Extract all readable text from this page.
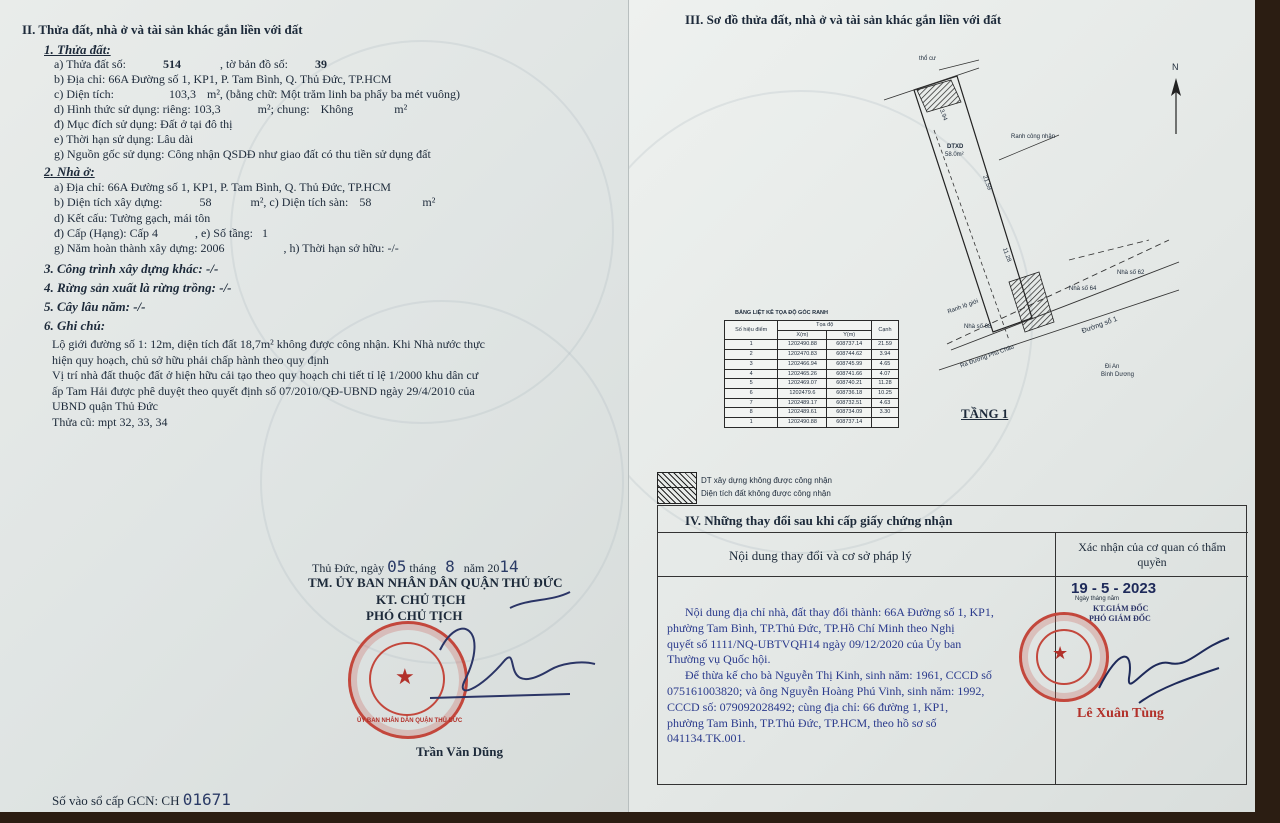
II. Thửa đất, nhà ở và tài sản khác gắn liền với đất
1. Thửa đất:
a) Thửa đất số:	514	, tờ bản đồ số: 39
b) Địa chỉ: 66A Đường số 1, KP1, P. Tam Bình, Q. Thủ Đức, TP.HCM
c) Diện tích:	103,3 m², (bằng chữ: Một trăm linh ba phẩy ba mét vuông)
d) Hình thức sử dụng: riêng: 103,3	m²; chung: Không	m²
đ) Mục đích sử dụng: Đất ở tại đô thị
e) Thời hạn sử dụng: Lâu dài
g) Nguồn gốc sử dụng: Công nhận QSDĐ như giao đất có thu tiền sử dụng đất
2. Nhà ở:
a) Địa chỉ: 66A Đường số 1, KP1, P. Tam Bình, Q. Thủ Đức, TP.HCM
b) Diện tích xây dựng:	58	m², c) Diện tích sàn: 58	m²
d) Kết cấu: Tường gạch, mái tôn
đ) Cấp (Hạng): Cấp 4	, e) Số tầng: 1
g) Năm hoàn thành xây dựng: 2006	, h) Thời hạn sở hữu: -/-
3. Công trình xây dựng khác: -/-
4. Rừng sản xuất là rừng trồng: -/-
5. Cây lâu năm: -/-
6. Ghi chú:
Lộ giới đường số 1: 12m, diện tích đất 18,7m² không được công nhận. Khi Nhà nước thực
hiện quy hoạch, chủ sở hữu phải chấp hành theo quy định
Vị trí nhà đất thuộc đất ở hiện hữu cải tạo theo quy hoạch chi tiết tỉ lệ 1/2000 khu dân cư
ấp Tam Hải được phê duyệt theo quyết định số 07/2010/QĐ-UBND ngày 29/4/2010 của
UBND quận Thủ Đức
Thửa cũ: mpt 32, 33, 34
Thủ Đức, ngày 05 tháng 8 năm 2014
TM. ỦY BAN NHÂN DÂN QUẬN THỦ ĐỨC
KT. CHỦ TỊCH
PHÓ CHỦ TỊCH
★
ỦY BAN NHÂN DÂN QUẬN THỦ ĐỨC
Trần Văn Dũng
Số vào sổ cấp GCN: CH 01671
III. Sơ đồ thửa đất, nhà ở và tài sản khác gắn liền với đất
thổ cư
DTXD
58.0m²
Ranh công nhận
3.94
21.59
11.28
Nhà số 64
Nhà số 62
Nhà số 68
Ranh lộ giới
Đường số 1
Ra Đường Phú Châu	Đi An
Bình Dương
N
TẦNG 1
BẢNG LIỆT KÊ TỌA ĐỘ GÓC RANH
Số hiệu điểm	Tọa độ		Cạnh
	X(m)	Y(m)	
1	1202490.88	608737.14	21.59
2	1202470.83	608744.62	3.94
3	1202466.94	608745.99	4.65
4	1202465.26	608741.66	4.07
5	1202469.07	608740.21	11.28
6	1202479.6	608736.18	10.25
7	1202489.17	608732.51	4.63
8	1202489.61	608734.09	3.30
1	1202490.88	608737.14	
DT xây dựng không được công nhận
Diện tích đất không được công nhận
IV. Những thay đổi sau khi cấp giấy chứng nhận
Nội dung thay đổi và cơ sở pháp lý
Xác nhận của cơ quan có thẩm quyền
Nội dung địa chỉ nhà, đất thay đổi thành: 66A Đường số 1, KP1,
phường Tam Bình, TP.Thủ Đức, TP.Hồ Chí Minh theo Nghị
quyết số 1111/NQ-UBTVQH14 ngày 09/12/2020 của Ủy ban
Thường vụ Quốc hội.
Để thừa kế cho bà Nguyễn Thị Kinh, sinh năm: 1961, CCCD số
075161003820; và ông Nguyễn Hoàng Phú Vinh, sinh năm: 1992,
CCCD số: 079092028492; cùng địa chỉ: 66 đường 1, KP1,
phường Tam Bình, TP.Thủ Đức, TP.HCM, theo hồ sơ số
041134.TK.001.
19 - 5 - 2023
Ngày tháng năm
KT.GIÁM ĐỐC
PHÓ GIÁM ĐỐC
★
Lê Xuân Tùng
